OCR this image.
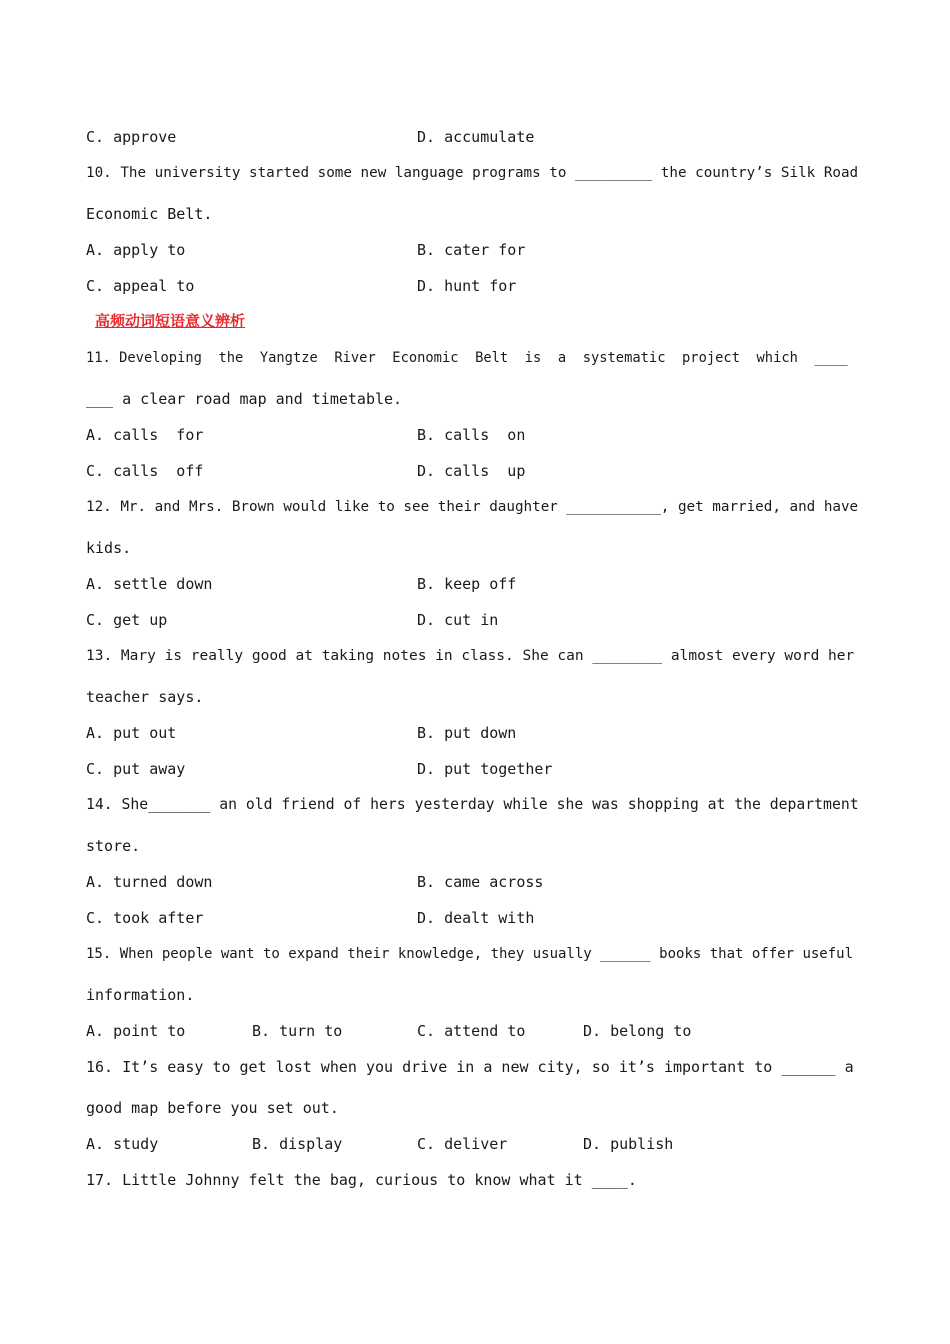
C. approve	D. accumulate

10. The university started some new language programs to _________ the country’s Silk Road

Economic Belt.

A. apply to	B. cater for

C. appeal to	D. hunt for

高频动词短语意义辨析

11. Developing  the  Yangtze  River  Economic  Belt  is  a  systematic  project  which  ____

___ a clear road map and timetable.

A. calls  for	B. calls  on

C. calls  off	D. calls  up

12. Mr. and Mrs. Brown would like to see their daughter ___________, get married, and have

kids.

A. settle down	B. keep off

C. get up	D. cut in

13. Mary is really good at taking notes in class. She can ________ almost every word her

teacher says.

A. put out	B. put down

C. put away	D. put together

14. She_______ an old friend of hers yesterday while she was shopping at the department

store.

A. turned down	B. came across

C. took after	D. dealt with

15. When people want to expand their knowledge, they usually ______ books that offer useful

information.

A. point to	B. turn to	C. attend to	D. belong to

16. It’s easy to get lost when you drive in a new city, so it’s important to ______ a

good map before you set out.

A. study	B. display	C. deliver	D. publish

17. Little Johnny felt the bag, curious to know what it ____.
